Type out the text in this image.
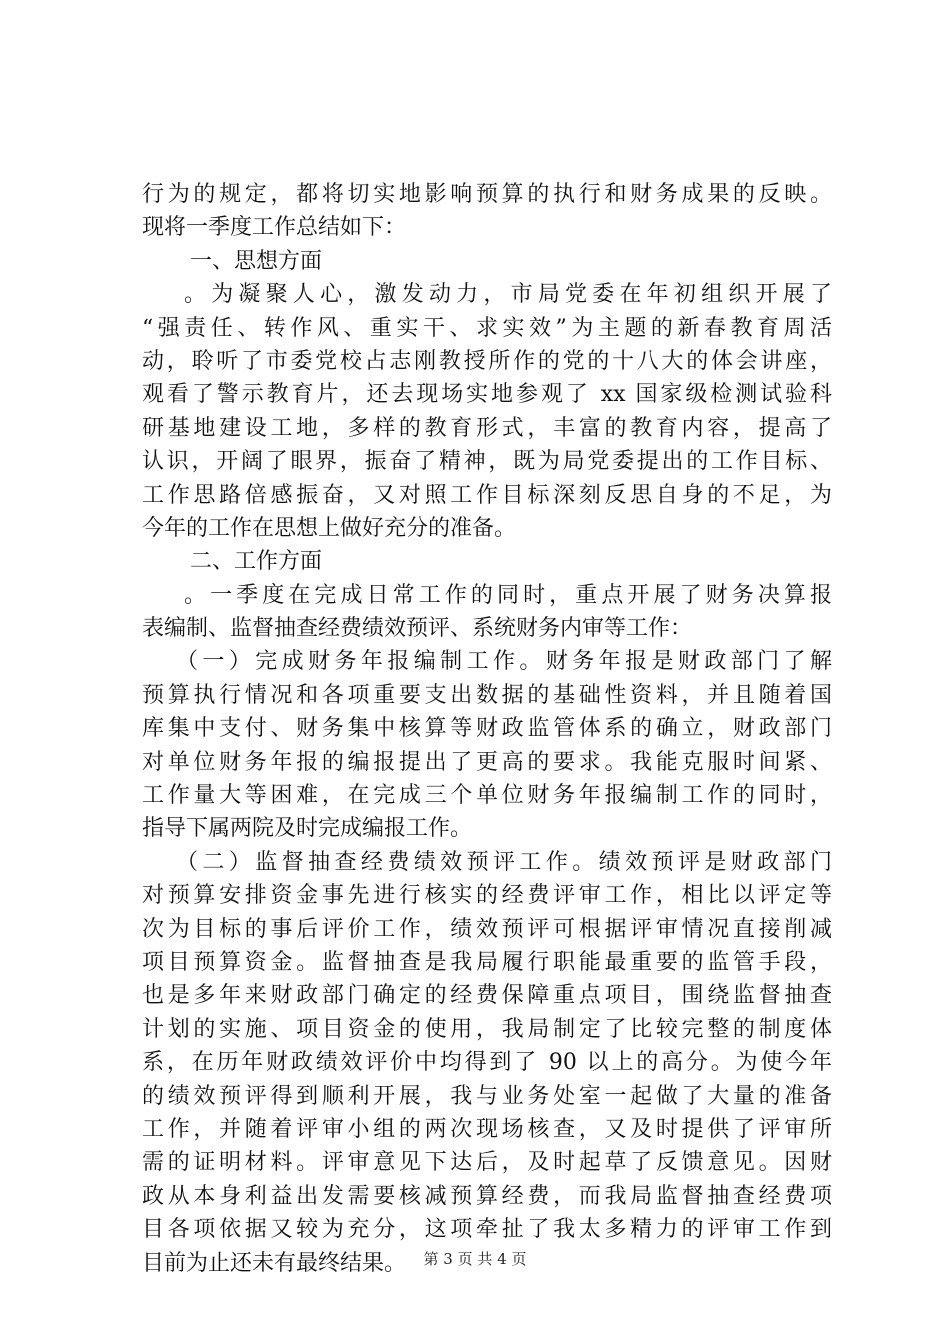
行为的规定，都将切实地影响预算的执行和财务成果的反映。
现将一季度工作总结如下：
一、思想方面
。为凝聚人心，激发动力，市局党委在年初组织开展了
“强责任、转作风、重实干、求实效”为主题的新春教育周活
动，聆听了市委党校占志刚教授所作的党的十八大的体会讲座，
观看了警示教育片，还去现场实地参观了 xx 国家级检测试验科
研基地建设工地，多样的教育形式，丰富的教育内容，提高了
认识，开阔了眼界，振奋了精神，既为局党委提出的工作目标、
工作思路倍感振奋，又对照工作目标深刻反思自身的不足，为
今年的工作在思想上做好充分的准备。
二、工作方面
。一季度在完成日常工作的同时，重点开展了财务决算报
表编制、监督抽查经费绩效预评、系统财务内审等工作：
（一）完成财务年报编制工作。财务年报是财政部门了解
预算执行情况和各项重要支出数据的基础性资料，并且随着国
库集中支付、财务集中核算等财政监管体系的确立，财政部门
对单位财务年报的编报提出了更高的要求。我能克服时间紧、
工作量大等困难，在完成三个单位财务年报编制工作的同时，
指导下属两院及时完成编报工作。
（二）监督抽查经费绩效预评工作。绩效预评是财政部门
对预算安排资金事先进行核实的经费评审工作，相比以评定等
次为目标的事后评价工作，绩效预评可根据评审情况直接削减
项目预算资金。监督抽查是我局履行职能最重要的监管手段，
也是多年来财政部门确定的经费保障重点项目，围绕监督抽查
计划的实施、项目资金的使用，我局制定了比较完整的制度体
系，在历年财政绩效评价中均得到了 90 以上的高分。为使今年
的绩效预评得到顺利开展，我与业务处室一起做了大量的准备
工作，并随着评审小组的两次现场核查，又及时提供了评审所
需的证明材料。评审意见下达后，及时起草了反馈意见。因财
政从本身利益出发需要核减预算经费，而我局监督抽查经费项
目各项依据又较为充分，这项牵扯了我太多精力的评审工作到
目前为止还未有最终结果。	第 3 页 共 4 页
